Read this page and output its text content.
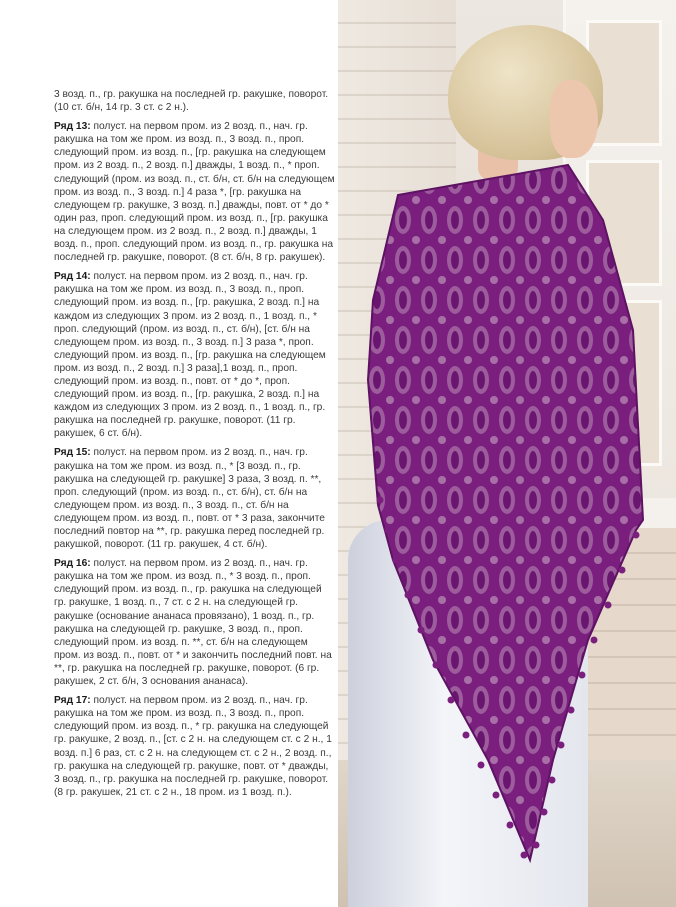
3 возд. п., гр. ракушка на последней гр. ракушке, поворот. (10 ст. б/н, 14 гр. 3 ст. с 2 н.).

Ряд 13: полуст. на первом пром. из 2 возд. п., нач. гр. ракушка на том же пром. из возд. п., 3 возд. п., проп. следующий пром. из возд. п., [гр. ракушка на следующем пром. из 2 возд. п., 2 возд. п.] дважды, 1 возд. п., * проп. следующий (пром. из возд. п., ст. б/н, ст. б/н на следующем пром. из возд. п., 3 возд. п.] 4 раза *, [гр. ракушка на следующем гр. ракушке, 3 возд. п.] дважды, повт. от * до * один раз, проп. следующий пром. из возд. п., [гр. ракушка на следующем пром. из 2 возд. п., 2 возд. п.] дважды, 1 возд. п., проп. следующий пром. из возд. п., гр. ракушка на последней гр. ракушке, поворот. (8 ст. б/н, 8 гр. ракушек).

Ряд 14: полуст. на первом пром. из 2 возд. п., нач. гр. ракушка на том же пром. из возд. п., 3 возд. п., проп. следующий пром. из возд. п., [гр. ракушка, 2 возд. п.] на каждом из следующих 3 пром. из 2 возд. п., 1 возд. п., * проп. следующий (пром. из возд. п., ст. б/н), [ст. б/н на следующем пром. из возд. п., 3 возд. п.] 3 раза *, проп. следующий пром. из возд. п., [гр. ракушка на следующем пром. из возд. п., 2 возд. п.] 3 раза],1 возд. п., проп. следующий пром. из возд. п., повт. от * до *, проп. следующий пром. из возд. п., [гр. ракушка, 2 возд. п.] на каждом из следующих 3 пром. из 2 возд. п., 1 возд. п., гр. ракушка на последней гр. ракушке, поворот. (11 гр. ракушек, 6 ст. б/н).

Ряд 15: полуст. на первом пром. из 2 возд. п., нач. гр. ракушка на том же пром. из возд. п., * [3 возд. п., гр. ракушка на следующей гр. ракушке] 3 раза, 3 возд. п. **, проп. следующий (пром. из возд. п., ст. б/н), ст. б/н на следующем пром. из возд. п., 3 возд. п., ст. б/н на следующем пром. из возд. п., повт. от * 3 раза, закончите последний повтор на **, гр. ракушка перед последней гр. ракушкой, поворот. (11 гр. ракушек, 4 ст. б/н).

Ряд 16: полуст. на первом пром. из 2 возд. п., нач. гр. ракушка на том же пром. из возд. п., * 3 возд. п., проп. следующий пром. из возд. п., гр. ракушка на следующей гр. ракушке, 1 возд. п., 7 ст. с 2 н. на следующей гр. ракушке (основание ананаса провязано), 1 возд. п., гр. ракушка на следующей гр. ракушке, 3 возд. п., проп. следующий пром. из возд. п. **, ст. б/н на следующем пром. из возд. п., повт. от * и закончить последний повт. на **, гр. ракушка на последней гр. ракушке, поворот. (6 гр. ракушек, 2 ст. б/н, 3 основания ананаса).

Ряд 17: полуст. на первом пром. из 2 возд. п., нач. гр. ракушка на том же пром. из возд. п., 3 возд. п., проп. следующий пром. из возд. п., * гр. ракушка на следующей гр. ракушке, 2 возд. п., [ст. с 2 н. на следующем ст. с 2 н., 1 возд. п.] 6 раз, ст. с 2 н. на следующем ст. с 2 н., 2 возд. п., гр. ракушка на следующей гр. ракушке, повт. от * дважды, 3 возд. п., гр. ракушка на последней гр. ракушке, поворот. (8 гр. ракушек, 21 ст. с 2 н., 18 пром. из 1 возд. п.).
